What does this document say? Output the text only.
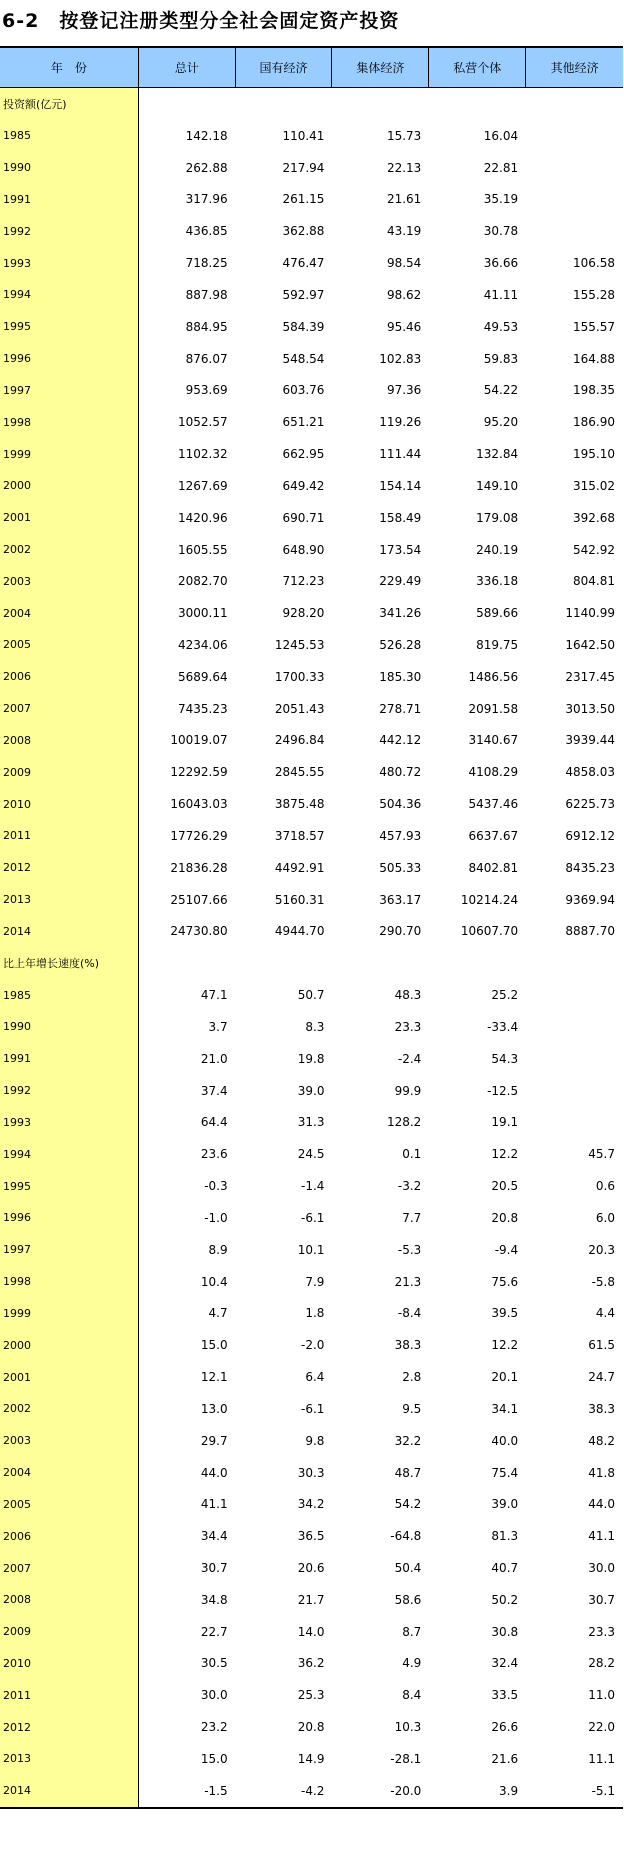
6-2　按登记注册类型分全社会固定资产投资
年　份	总计	国有经济	集体经济	私营个体	其他经济
投资额(亿元)
1985	142.18	110.41	15.73	16.04
1990	262.88	217.94	22.13	22.81
1991	317.96	261.15	21.61	35.19
1992	436.85	362.88	43.19	30.78
1993	718.25	476.47	98.54	36.66	106.58
1994	887.98	592.97	98.62	41.11	155.28
1995	884.95	584.39	95.46	49.53	155.57
1996	876.07	548.54	102.83	59.83	164.88
1997	953.69	603.76	97.36	54.22	198.35
1998	1052.57	651.21	119.26	95.20	186.90
1999	1102.32	662.95	111.44	132.84	195.10
2000	1267.69	649.42	154.14	149.10	315.02
2001	1420.96	690.71	158.49	179.08	392.68
2002	1605.55	648.90	173.54	240.19	542.92
2003	2082.70	712.23	229.49	336.18	804.81
2004	3000.11	928.20	341.26	589.66	1140.99
2005	4234.06	1245.53	526.28	819.75	1642.50
2006	5689.64	1700.33	185.30	1486.56	2317.45
2007	7435.23	2051.43	278.71	2091.58	3013.50
2008	10019.07	2496.84	442.12	3140.67	3939.44
2009	12292.59	2845.55	480.72	4108.29	4858.03
2010	16043.03	3875.48	504.36	5437.46	6225.73
2011	17726.29	3718.57	457.93	6637.67	6912.12
2012	21836.28	4492.91	505.33	8402.81	8435.23
2013	25107.66	5160.31	363.17	10214.24	9369.94
2014	24730.80	4944.70	290.70	10607.70	8887.70
比上年增长速度(%)
1985	47.1	50.7	48.3	25.2
1990	3.7	8.3	23.3	-33.4
1991	21.0	19.8	-2.4	54.3
1992	37.4	39.0	99.9	-12.5
1993	64.4	31.3	128.2	19.1
1994	23.6	24.5	0.1	12.2	45.7
1995	-0.3	-1.4	-3.2	20.5	0.6
1996	-1.0	-6.1	7.7	20.8	6.0
1997	8.9	10.1	-5.3	-9.4	20.3
1998	10.4	7.9	21.3	75.6	-5.8
1999	4.7	1.8	-8.4	39.5	4.4
2000	15.0	-2.0	38.3	12.2	61.5
2001	12.1	6.4	2.8	20.1	24.7
2002	13.0	-6.1	9.5	34.1	38.3
2003	29.7	9.8	32.2	40.0	48.2
2004	44.0	30.3	48.7	75.4	41.8
2005	41.1	34.2	54.2	39.0	44.0
2006	34.4	36.5	-64.8	81.3	41.1
2007	30.7	20.6	50.4	40.7	30.0
2008	34.8	21.7	58.6	50.2	30.7
2009	22.7	14.0	8.7	30.8	23.3
2010	30.5	36.2	4.9	32.4	28.2
2011	30.0	25.3	8.4	33.5	11.0
2012	23.2	20.8	10.3	26.6	22.0
2013	15.0	14.9	-28.1	21.6	11.1
2014	-1.5	-4.2	-20.0	3.9	-5.1
